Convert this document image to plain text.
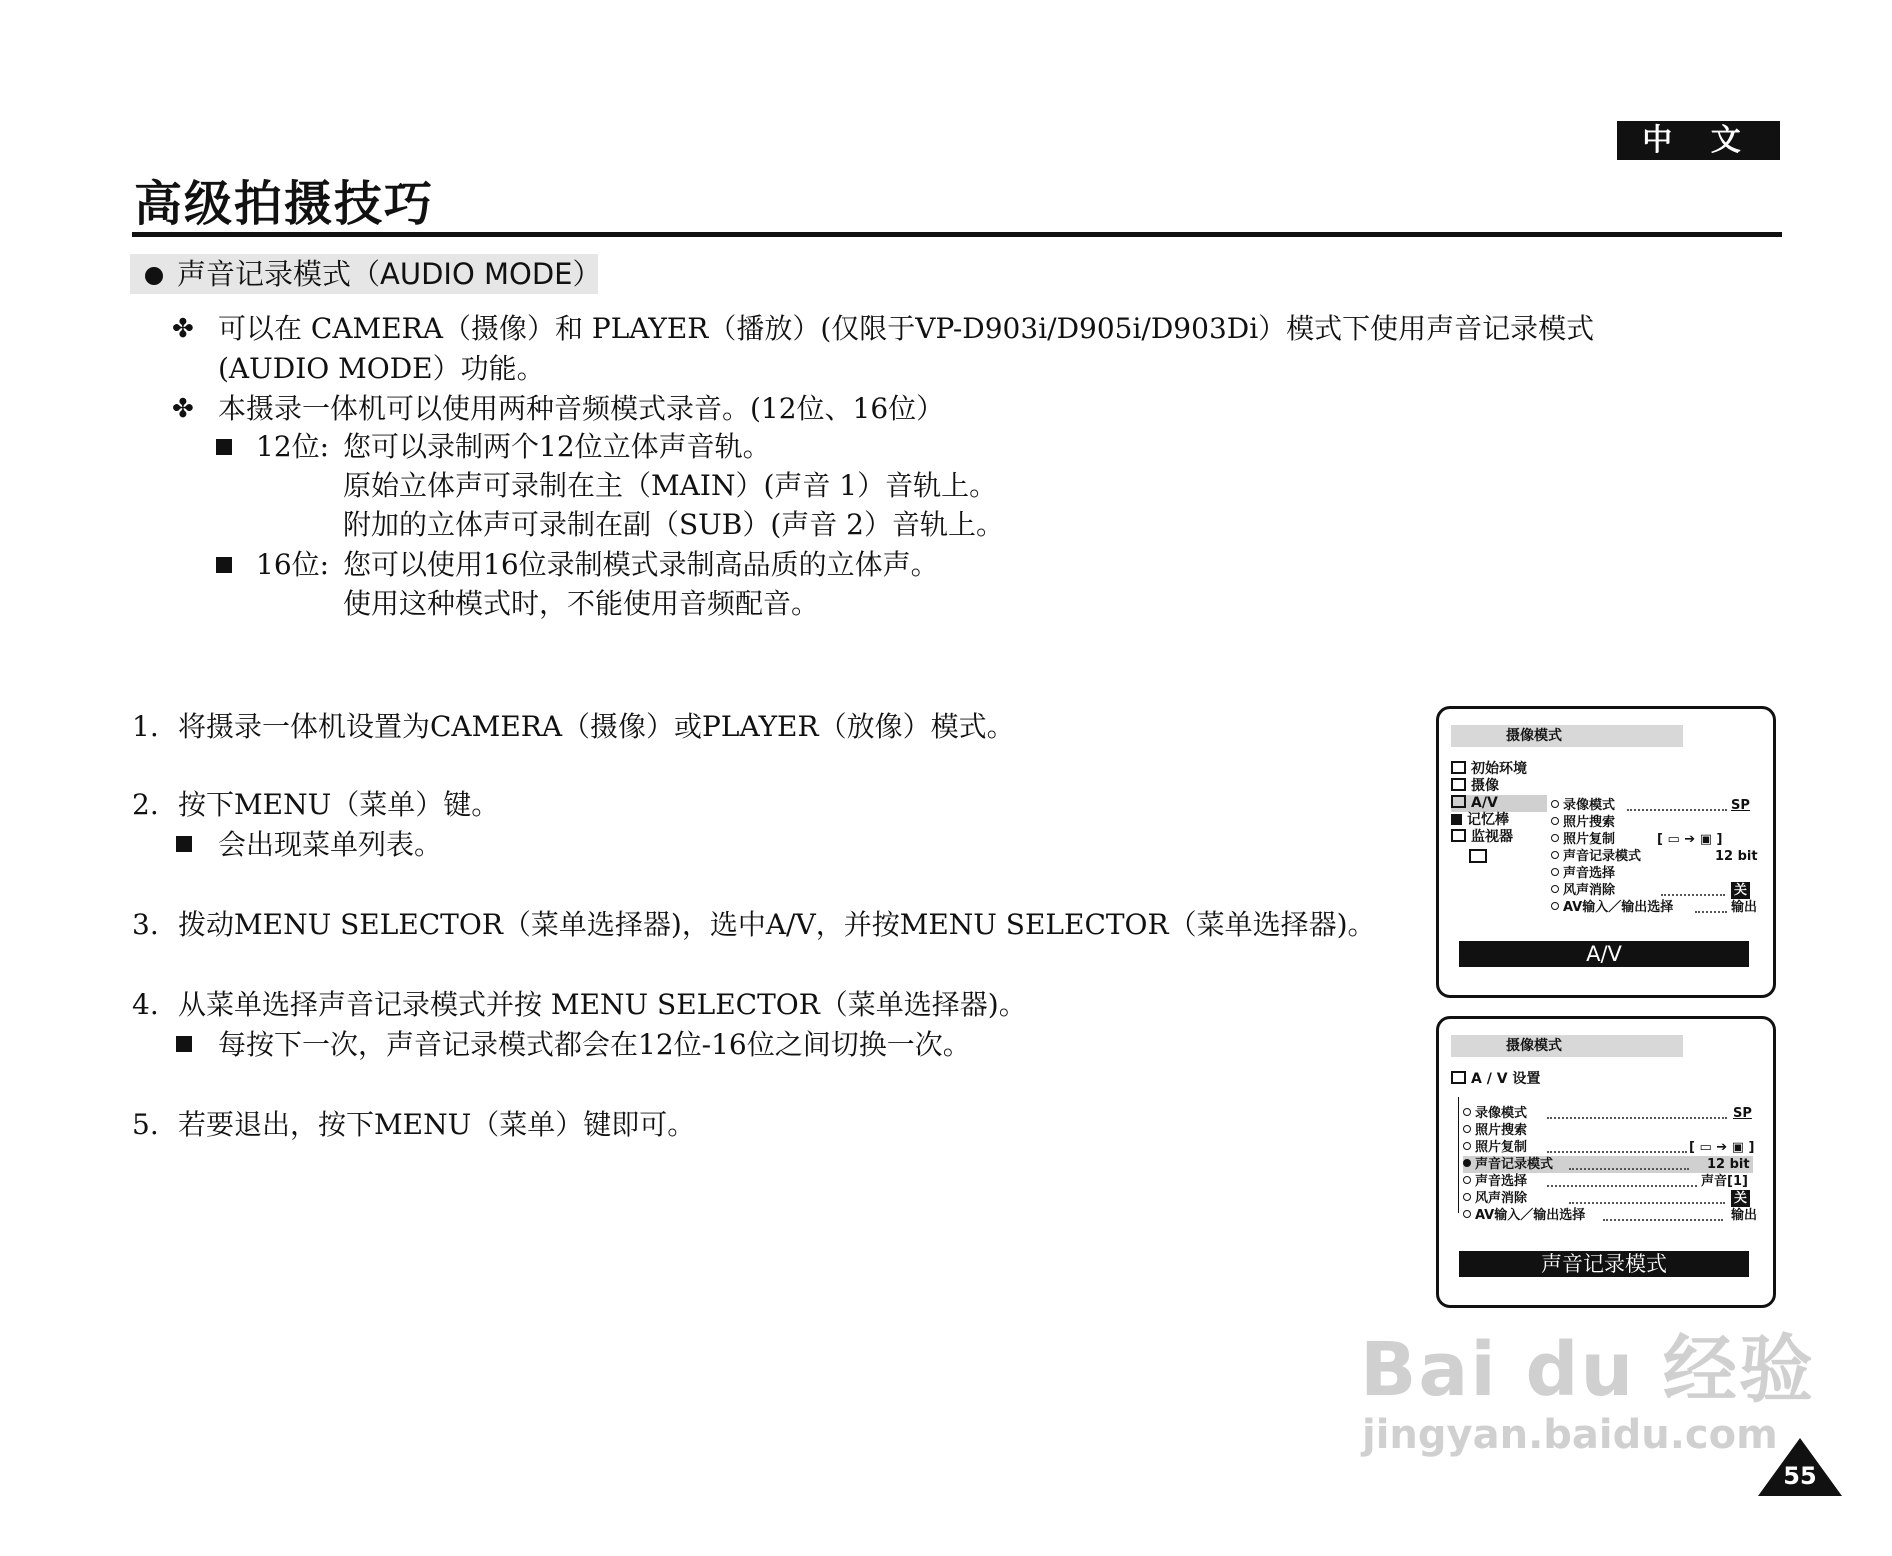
中 文
高级拍摄技巧
声音记录模式（AUDIO MODE）
✤ 可以在 CAMERA（摄像）和 PLAYER（播放）(仅限于VP-D903i/D905i/D903Di）模式下使用声音记录模式
(AUDIO MODE）功能。
✤ 本摄录一体机可以使用两种音频模式录音。(12位、16位）
12位: 您可以录制两个12位立体声音轨。
原始立体声可录制在主（MAIN）(声音 1）音轨上。
附加的立体声可录制在副（SUB）(声音 2）音轨上。
16位: 您可以使用16位录制模式录制高品质的立体声。
使用这种模式时，不能使用音频配音。
1. 将摄录一体机设置为CAMERA（摄像）或PLAYER（放像）模式。
2. 按下MENU（菜单）键。
会出现菜单列表。
3. 拨动MENU SELECTOR（菜单选择器)，选中A/V，并按MENU SELECTOR（菜单选择器)。
4. 从菜单选择声音记录模式并按 MENU SELECTOR（菜单选择器)。
每按下一次，声音记录模式都会在12位-16位之间切换一次。
5. 若要退出，按下MENU（菜单）键即可。
摄像模式
初始环境
摄像
A/V
记忆棒
监视器
录像模式	SP
照片搜索
照片复制	[ ▭ ➔ ▣ ]
声音记录模式	12 bit
声音选择
风声消除	关
AV输入／输出选择	输出
A/V
摄像模式
A / V 设置
录像模式	SP
照片搜索
照片复制	[ ▭ ➔ ▣ ]
声音记录模式	12 bit
声音选择	声音[1]
风声消除	关
AV输入／输出选择	输出
声音记录模式
Bai du 经验
jingyan.baidu.com
55
